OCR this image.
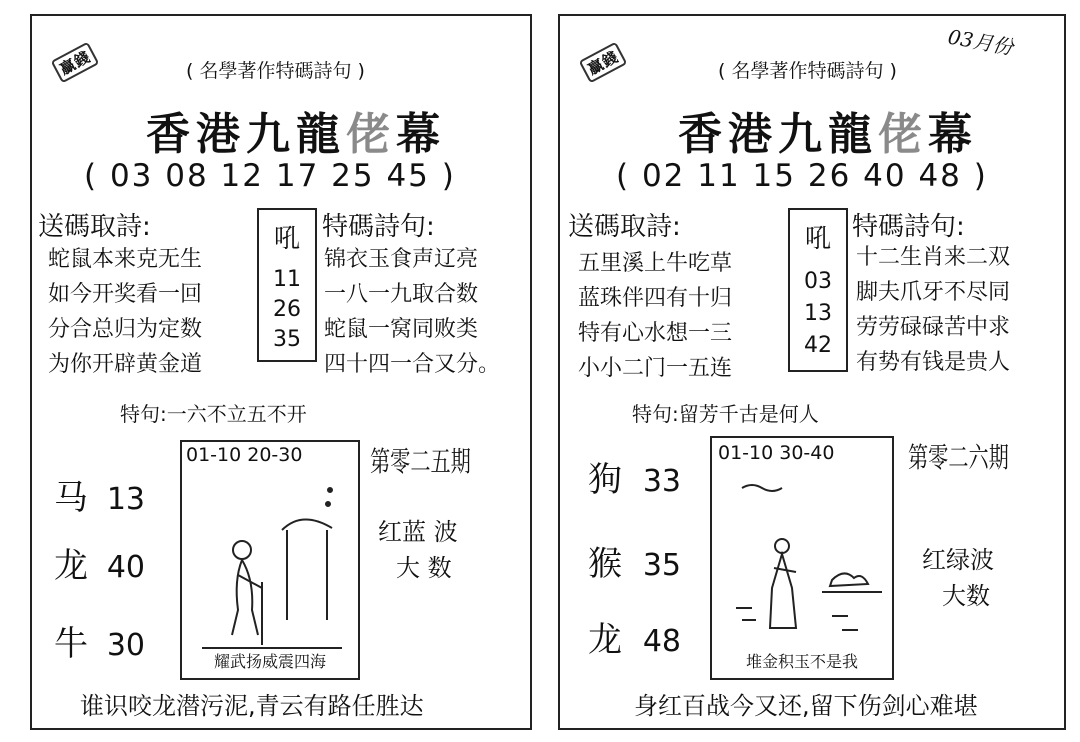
贏錢	( 名學著作特碼詩句 )
香港九龍佬幕
( 03 08 12 17 25 45 )
送碼取詩:
蛇鼠本来克无生
如今开奖看一回
分合总归为定数
为你开辟黄金道
吼
11
26
35
特碼詩句:
锦衣玉食声辽亮
一八一九取合数
蛇鼠一窝同败类
四十四一合又分。
特句:一六不立五不开
01-10 20-30
耀武扬威震四海
第零二五期
马 13
龙 40
牛 30
红蓝 波
大 数
谁识咬龙潜污泥,青云有路任胜达
贏錢
03月份
( 名學著作特碼詩句 )
香港九龍佬幕
( 02 11 15 26 40 48 )
送碼取詩:
五里溪上牛吃草
蓝珠伴四有十归
特有心水想一三
小小二门一五连
吼
03
13
42
特碼詩句:
十二生肖来二双
脚夫爪牙不尽同
劳劳碌碌苦中求
有势有钱是贵人
特句:留芳千古是何人
01-10 30-40
堆金积玉不是我
第零二六期
狗 33
猴 35
龙 48
红绿波
大数
身红百战今又还,留下伤剑心难堪
